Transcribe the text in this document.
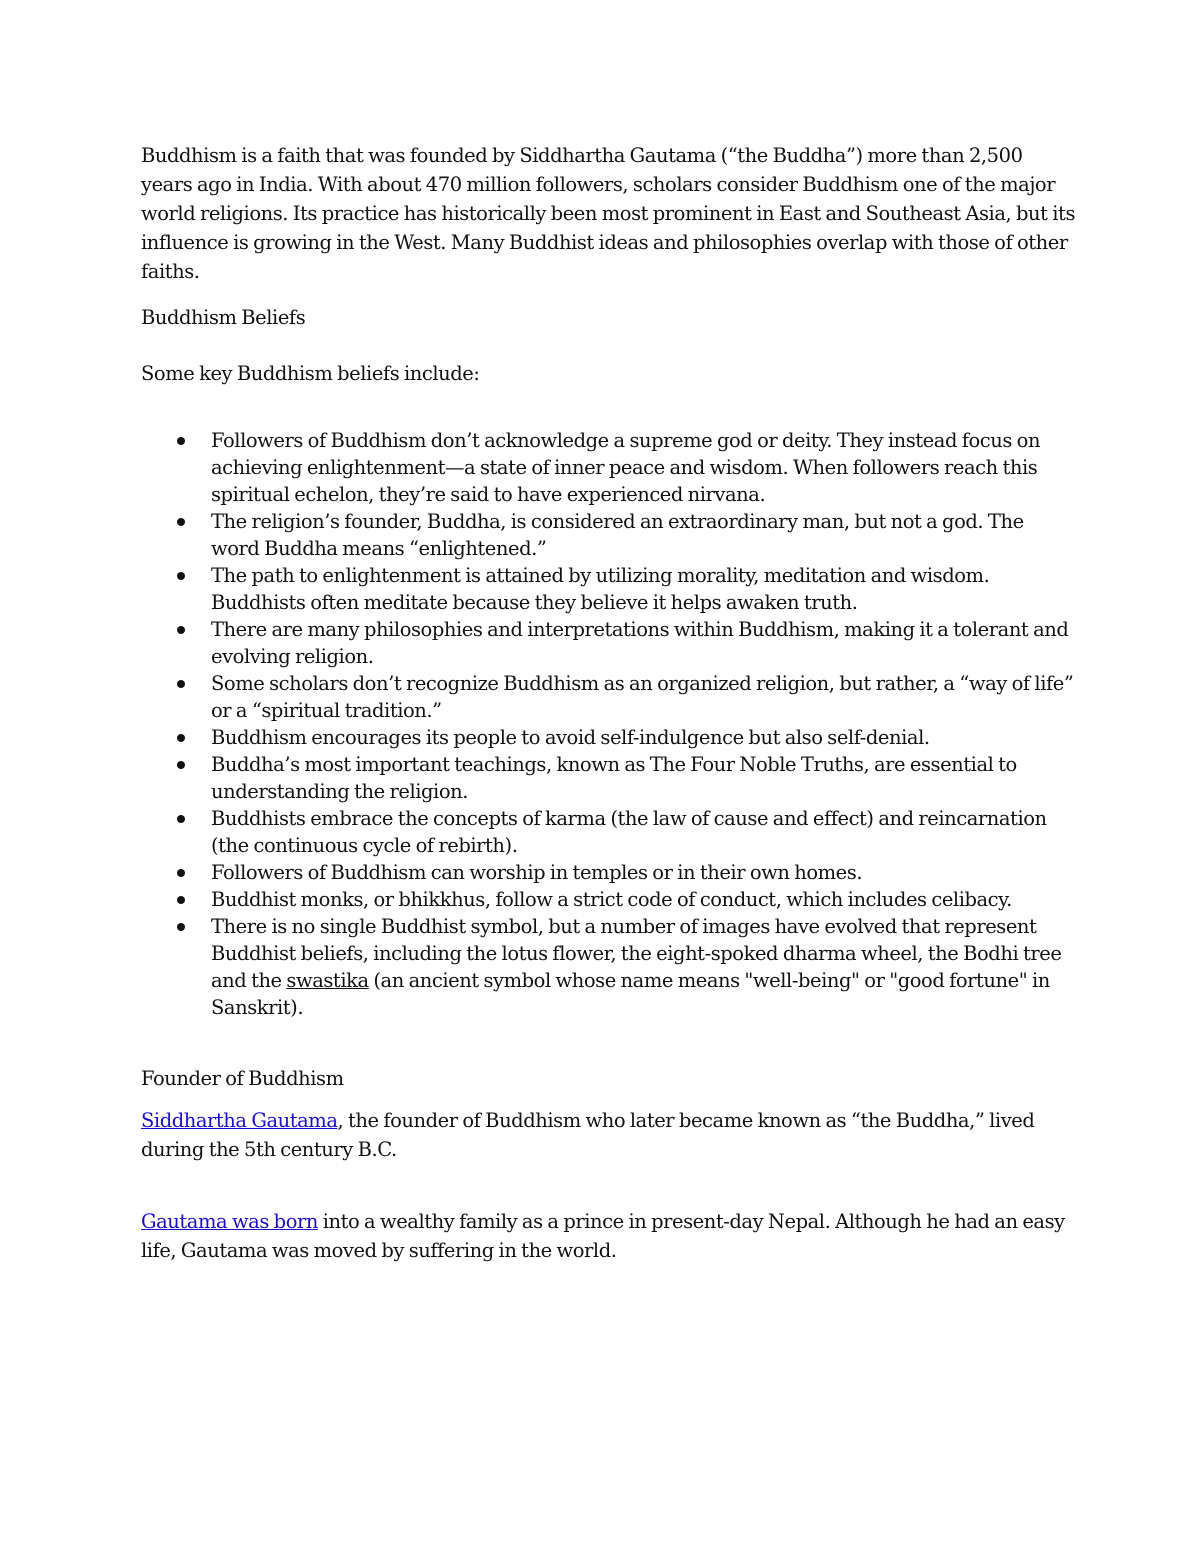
Buddhism is a faith that was founded by Siddhartha Gautama (“the Buddha”) more than 2,500 years ago in India. With about 470 million followers, scholars consider Buddhism one of the major world religions. Its practice has historically been most prominent in East and Southeast Asia, but its influence is growing in the West. Many Buddhist ideas and philosophies overlap with those of other faiths.

Buddhism Beliefs

Some key Buddhism beliefs include:

Followers of Buddhism don’t acknowledge a supreme god or deity. They instead focus on achieving enlightenment—a state of inner peace and wisdom. When followers reach this spiritual echelon, they’re said to have experienced nirvana.
The religion’s founder, Buddha, is considered an extraordinary man, but not a god. The word Buddha means “enlightened.”
The path to enlightenment is attained by utilizing morality, meditation and wisdom. Buddhists often meditate because they believe it helps awaken truth.
There are many philosophies and interpretations within Buddhism, making it a tolerant and evolving religion.
Some scholars don’t recognize Buddhism as an organized religion, but rather, a “way of life” or a “spiritual tradition.”
Buddhism encourages its people to avoid self-indulgence but also self-denial.
Buddha’s most important teachings, known as The Four Noble Truths, are essential to understanding the religion.
Buddhists embrace the concepts of karma (the law of cause and effect) and reincarnation (the continuous cycle of rebirth).
Followers of Buddhism can worship in temples or in their own homes.
Buddhist monks, or bhikkhus, follow a strict code of conduct, which includes celibacy.
There is no single Buddhist symbol, but a number of images have evolved that represent Buddhist beliefs, including the lotus flower, the eight-spoked dharma wheel, the Bodhi tree and the swastika (an ancient symbol whose name means "well-being" or "good fortune" in Sanskrit).

Founder of Buddhism

Siddhartha Gautama, the founder of Buddhism who later became known as “the Buddha,” lived during the 5th century B.C.

Gautama was born into a wealthy family as a prince in present-day Nepal. Although he had an easy life, Gautama was moved by suffering in the world.
